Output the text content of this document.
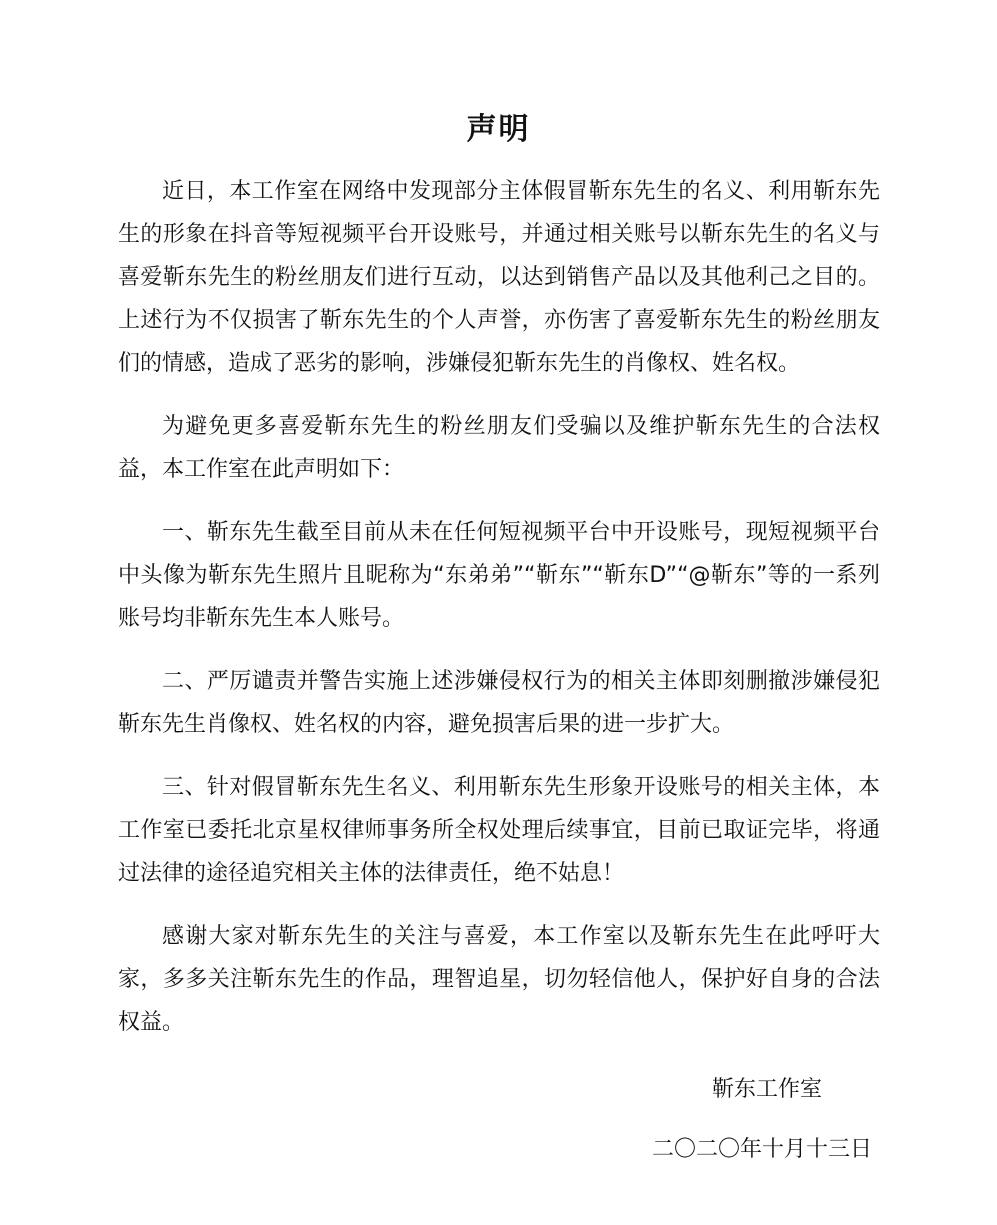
声明

近日，本工作室在网络中发现部分主体假冒靳东先生的名义、利用靳东先生的形象在抖音等短视频平台开设账号，并通过相关账号以靳东先生的名义与喜爱靳东先生的粉丝朋友们进行互动，以达到销售产品以及其他利己之目的。上述行为不仅损害了靳东先生的个人声誉，亦伤害了喜爱靳东先生的粉丝朋友们的情感，造成了恶劣的影响，涉嫌侵犯靳东先生的肖像权、姓名权。

为避免更多喜爱靳东先生的粉丝朋友们受骗以及维护靳东先生的合法权益，本工作室在此声明如下：

一、靳东先生截至目前从未在任何短视频平台中开设账号，现短视频平台中头像为靳东先生照片且昵称为“东弟弟”“靳东”“靳东D”“@靳东”等的一系列账号均非靳东先生本人账号。

二、严厉谴责并警告实施上述涉嫌侵权行为的相关主体即刻删撤涉嫌侵犯靳东先生肖像权、姓名权的内容，避免损害后果的进一步扩大。

三、针对假冒靳东先生名义、利用靳东先生形象开设账号的相关主体，本工作室已委托北京星权律师事务所全权处理后续事宜，目前已取证完毕，将通过法律的途径追究相关主体的法律责任，绝不姑息！

感谢大家对靳东先生的关注与喜爱，本工作室以及靳东先生在此呼吁大家，多多关注靳东先生的作品，理智追星，切勿轻信他人，保护好自身的合法权益。

靳东工作室
二〇二〇年十月十三日
